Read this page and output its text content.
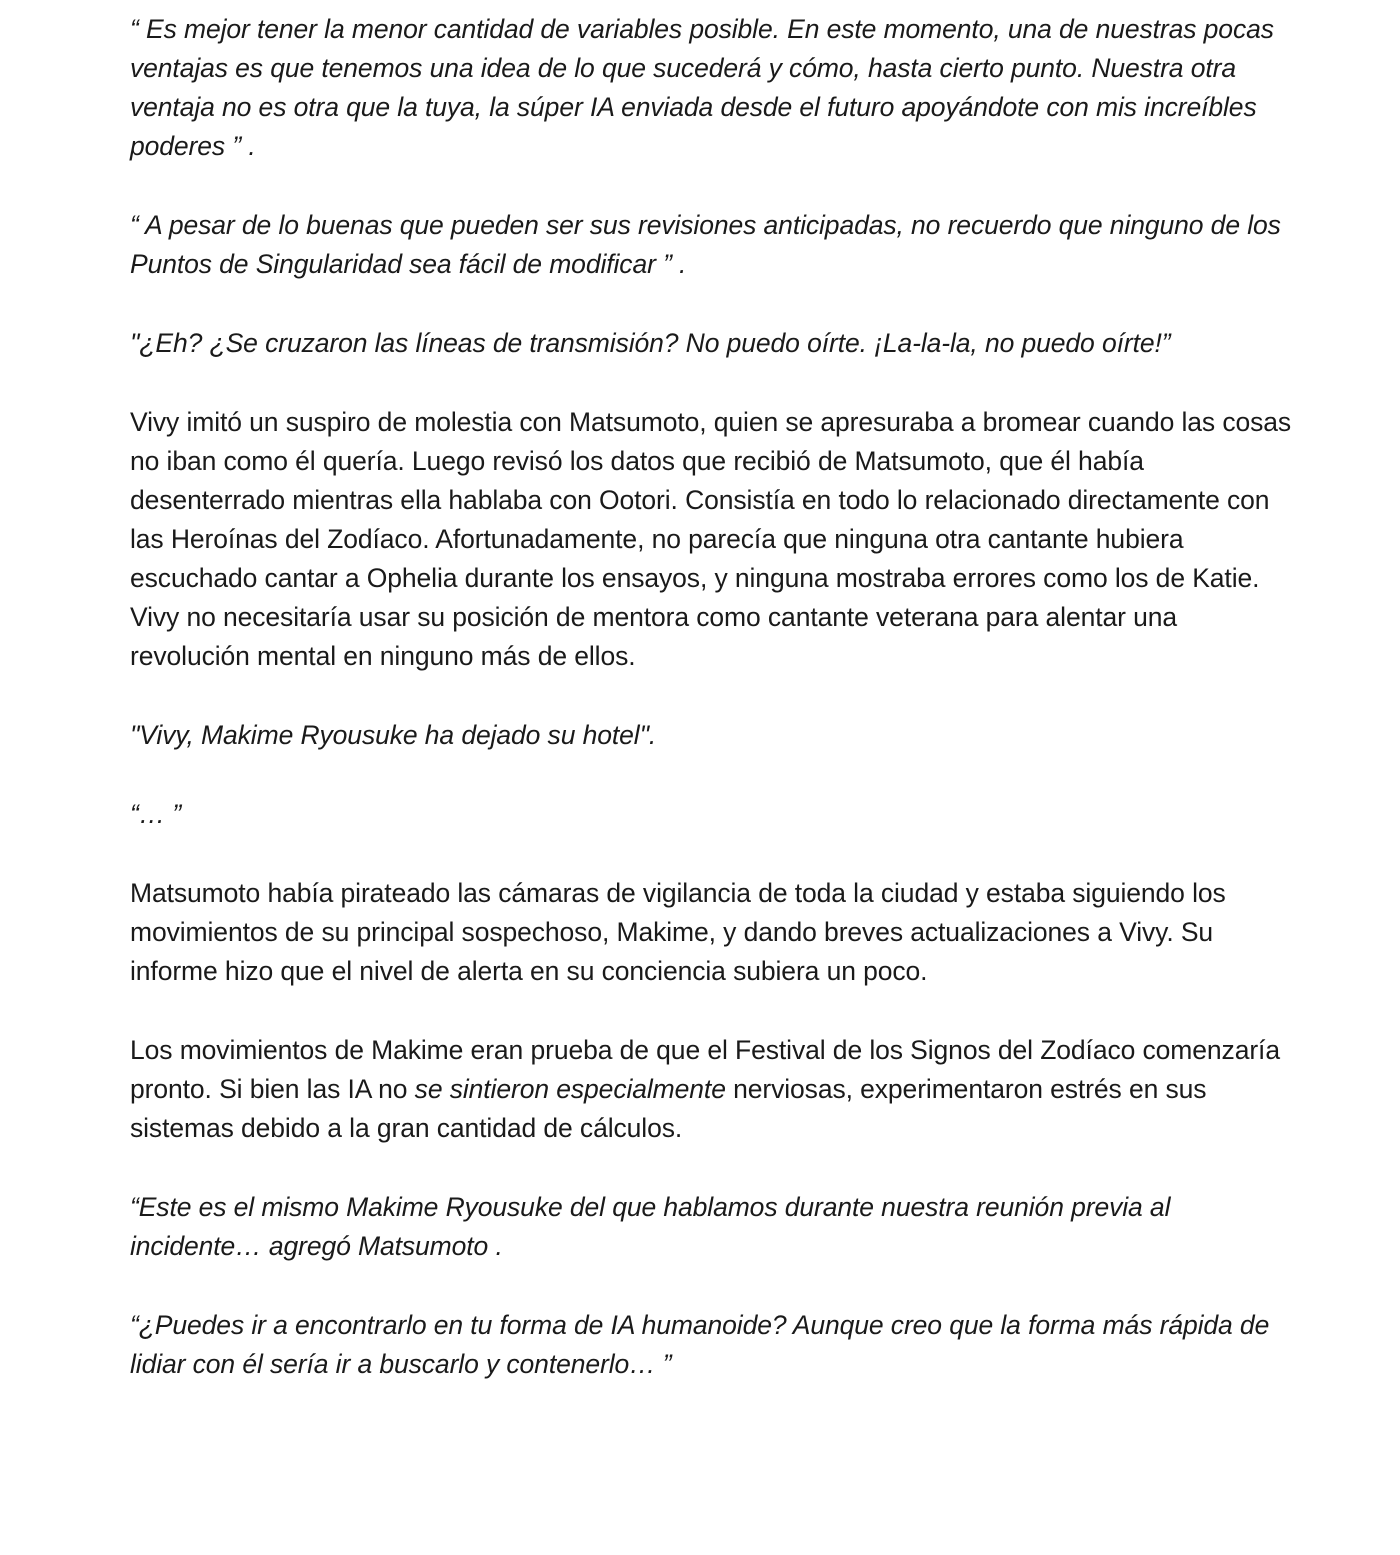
“ Es mejor tener la menor cantidad de variables posible. En este momento, una de nuestras pocas ventajas es que tenemos una idea de lo que sucederá y cómo, hasta cierto punto. Nuestra otra ventaja no es otra que la tuya, la súper IA enviada desde el futuro apoyándote con mis increíbles poderes ” .

“ A pesar de lo buenas que pueden ser sus revisiones anticipadas, no recuerdo que ninguno de los Puntos de Singularidad sea fácil de modificar ” .

"¿Eh? ¿Se cruzaron las líneas de transmisión? No puedo oírte. ¡La-la-la, no puedo oírte!”

Vivy imitó un suspiro de molestia con Matsumoto, quien se apresuraba a bromear cuando las cosas no iban como él quería. Luego revisó los datos que recibió de Matsumoto, que él había desenterrado mientras ella hablaba con Ootori. Consistía en todo lo relacionado directamente con las Heroínas del Zodíaco. Afortunadamente, no parecía que ninguna otra cantante hubiera escuchado cantar a Ophelia durante los ensayos, y ninguna mostraba errores como los de Katie. Vivy no necesitaría usar su posición de mentora como cantante veterana para alentar una revolución mental en ninguno más de ellos.

"Vivy, Makime Ryousuke ha dejado su hotel".

“… ”

Matsumoto había pirateado las cámaras de vigilancia de toda la ciudad y estaba siguiendo los movimientos de su principal sospechoso, Makime, y dando breves actualizaciones a Vivy. Su informe hizo que el nivel de alerta en su conciencia subiera un poco.

Los movimientos de Makime eran prueba de que el Festival de los Signos del Zodíaco comenzaría pronto. Si bien las IA no se sintieron especialmente nerviosas, experimentaron estrés en sus sistemas debido a la gran cantidad de cálculos.

“Este es el mismo Makime Ryousuke del que hablamos durante nuestra reunión previa al incidente… agregó Matsumoto .

“¿Puedes ir a encontrarlo en tu forma de IA humanoide? Aunque creo que la forma más rápida de lidiar con él sería ir a buscarlo y contenerlo… ”
